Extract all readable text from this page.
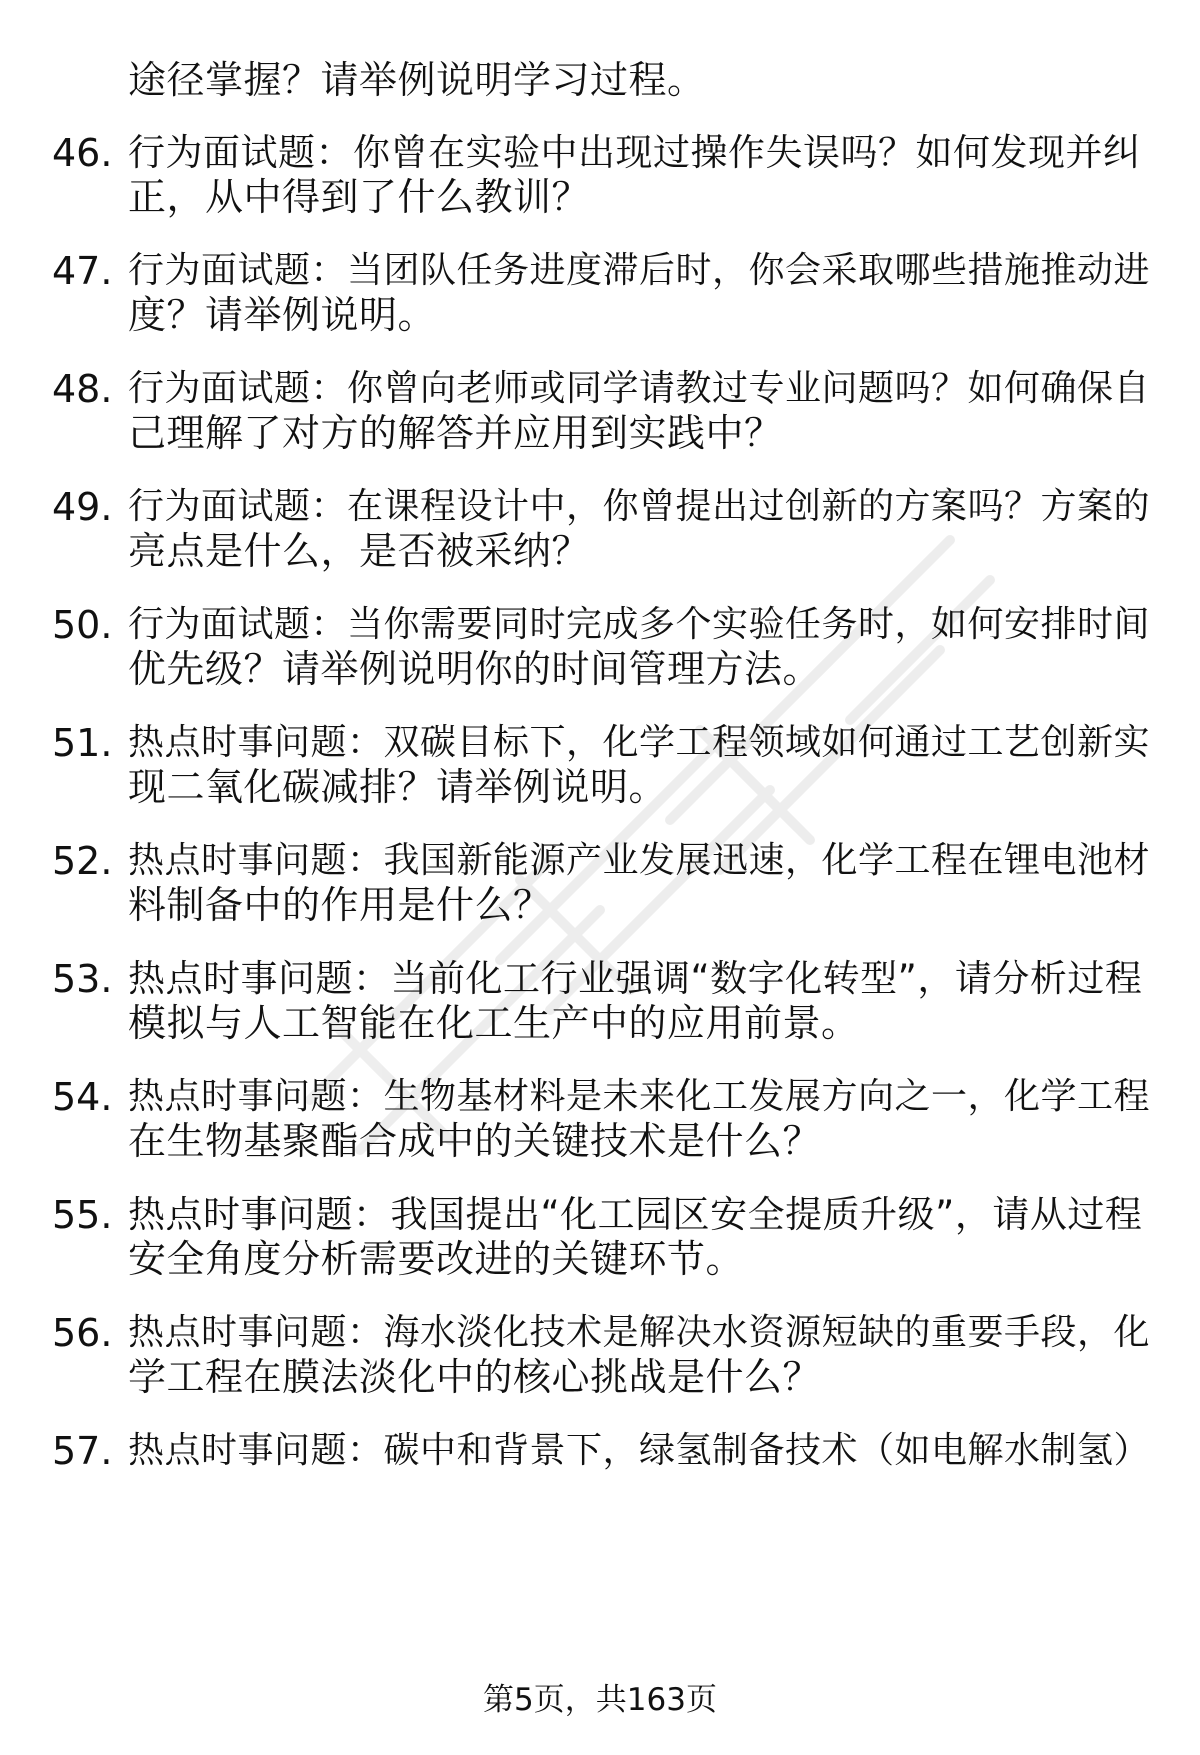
途径掌握？请举例说明学习过程。
46. 行为面试题：你曾在实验中出现过操作失误吗？如何发现并纠
正，从中得到了什么教训？
47. 行为面试题：当团队任务进度滞后时，你会采取哪些措施推动进
度？请举例说明。
48. 行为面试题：你曾向老师或同学请教过专业问题吗？如何确保自
己理解了对方的解答并应用到实践中？
49. 行为面试题：在课程设计中，你曾提出过创新的方案吗？方案的
亮点是什么，是否被采纳？
50. 行为面试题：当你需要同时完成多个实验任务时，如何安排时间
优先级？请举例说明你的时间管理方法。
51. 热点时事问题：双碳目标下，化学工程领域如何通过工艺创新实
现二氧化碳减排？请举例说明。
52. 热点时事问题：我国新能源产业发展迅速，化学工程在锂电池材
料制备中的作用是什么？
53. 热点时事问题：当前化工行业强调“数字化转型”，请分析过程
模拟与人工智能在化工生产中的应用前景。
54. 热点时事问题：生物基材料是未来化工发展方向之一，化学工程
在生物基聚酯合成中的关键技术是什么？
55. 热点时事问题：我国提出“化工园区安全提质升级”，请从过程
安全角度分析需要改进的关键环节。
56. 热点时事问题：海水淡化技术是解决水资源短缺的重要手段，化
学工程在膜法淡化中的核心挑战是什么？
57. 热点时事问题：碳中和背景下，绿氢制备技术（如电解水制氢）
第5页，共163页
